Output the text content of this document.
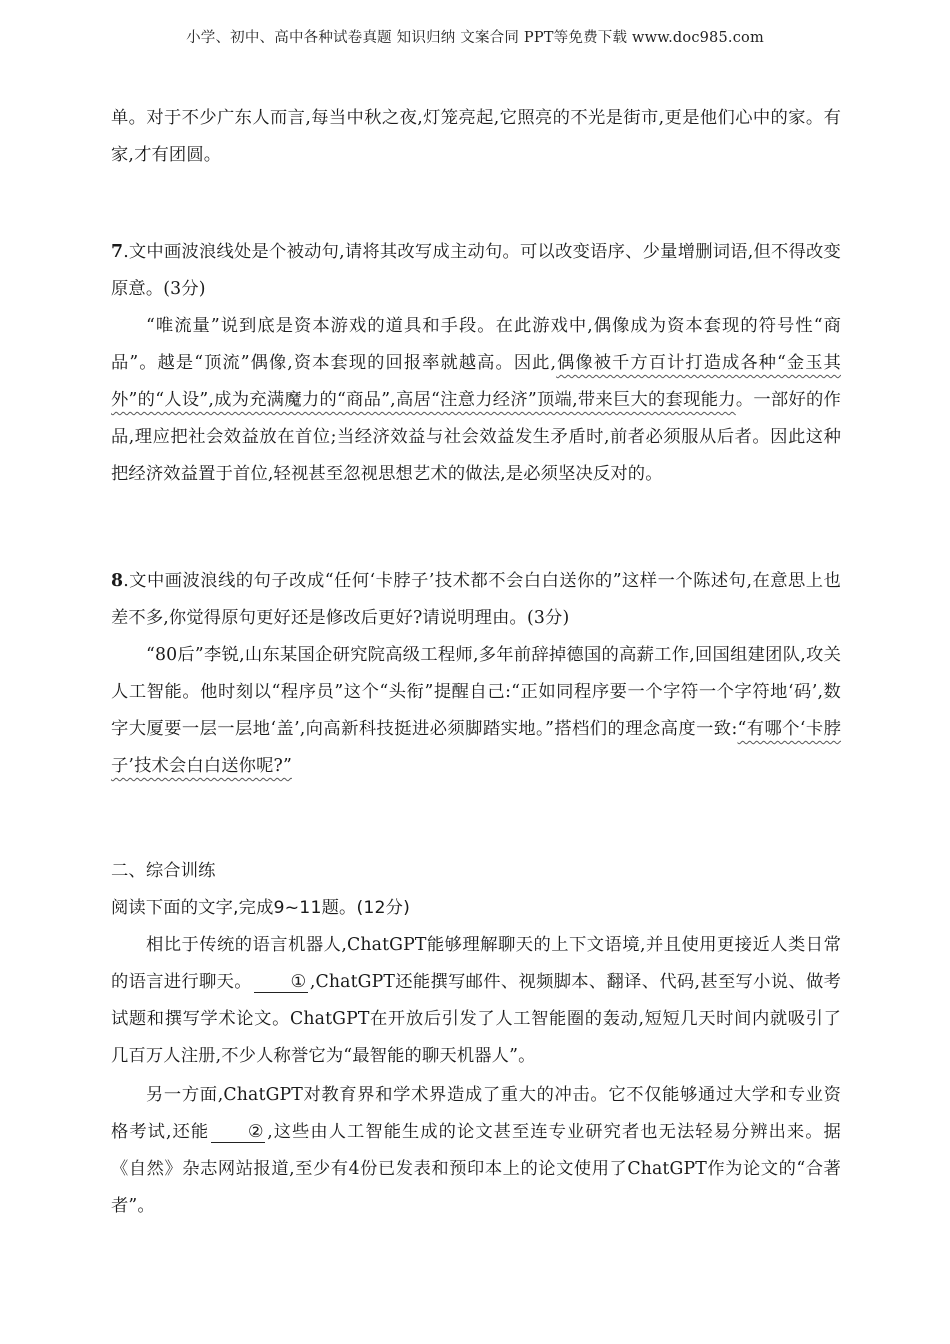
小学、初中、高中各种试卷真题 知识归纳 文案合同 PPT等免费下载 www.doc985.com

单。对于不少广东人而言,每当中秋之夜,灯笼亮起,它照亮的不光是街市,更是他们心中的家。有家,才有团圆。

7.文中画波浪线处是个被动句,请将其改写成主动句。可以改变语序、少量增删词语,但不得改变原意。(3分)

“唯流量”说到底是资本游戏的道具和手段。在此游戏中,偶像成为资本套现的符号性“商品”。越是“顶流”偶像,资本套现的回报率就越高。因此,偶像被千方百计打造成各种“金玉其外”的“人设”,成为充满魔力的“商品”,高居“注意力经济”顶端,带来巨大的套现能力。一部好的作品,理应把社会效益放在首位;当经济效益与社会效益发生矛盾时,前者必须服从后者。因此这种把经济效益置于首位,轻视甚至忽视思想艺术的做法,是必须坚决反对的。

8.文中画波浪线的句子改成“任何‘卡脖子’技术都不会白白送你的”这样一个陈述句,在意思上也差不多,你觉得原句更好还是修改后更好?请说明理由。(3分)

“80后”李锐,山东某国企研究院高级工程师,多年前辞掉德国的高薪工作,回国组建团队,攻关人工智能。他时刻以“程序员”这个“头衔”提醒自己:“正如同程序要一个字符一个字符地‘码’,数字大厦要一层一层地‘盖’,向高新科技挺进必须脚踏实地。”搭档们的理念高度一致:“有哪个‘卡脖子’技术会白白送你呢?”

二、综合训练

阅读下面的文字,完成9~11题。(12分)

相比于传统的语言机器人,ChatGPT能够理解聊天的上下文语境,并且使用更接近人类日常的语言进行聊天。 ① ,ChatGPT还能撰写邮件、视频脚本、翻译、代码,甚至写小说、做考试题和撰写学术论文。ChatGPT在开放后引发了人工智能圈的轰动,短短几天时间内就吸引了几百万人注册,不少人称誉它为“最智能的聊天机器人”。

另一方面,ChatGPT对教育界和学术界造成了重大的冲击。它不仅能够通过大学和专业资格考试,还能 ② ,这些由人工智能生成的论文甚至连专业研究者也无法轻易分辨出来。据《自然》杂志网站报道,至少有4份已发表和预印本上的论文使用了ChatGPT作为论文的“合著者”。
